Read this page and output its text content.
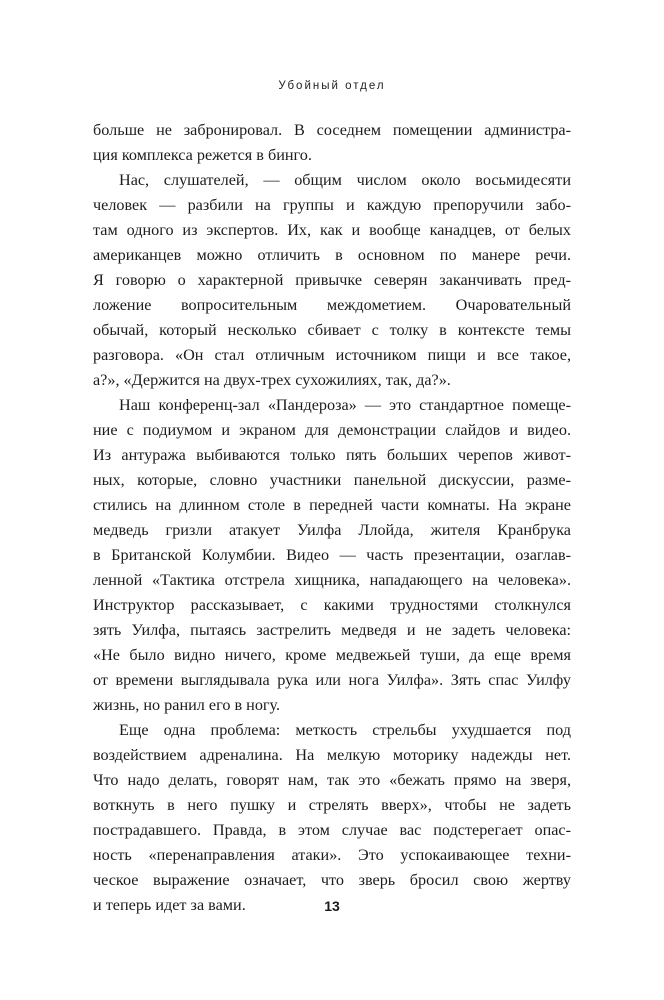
Убойный отдел
больше не забронировал. В соседнем помещении администра-
ция комплекса режется в бинго.
Нас, слушателей, — общим числом около восьмидесяти
человек — разбили на группы и каждую препоручили забо-
там одного из экспертов. Их, как и вообще канадцев, от белых
американцев можно отличить в основном по манере речи.
Я говорю о характерной привычке северян заканчивать пред-
ложение вопросительным междометием. Очаровательный
обычай, который несколько сбивает с толку в контексте темы
разговора. «Он стал отличным источником пищи и все такое,
а?», «Держится на двух-трех сухожилиях, так, да?».
Наш конференц-зал «Пандероза» — это стандартное помеще-
ние с подиумом и экраном для демонстрации слайдов и видео.
Из антуража выбиваются только пять больших черепов живот-
ных, которые, словно участники панельной дискуссии, разме-
стились на длинном столе в передней части комнаты. На экране
медведь гризли атакует Уилфа Ллойда, жителя Кранбрука
в Британской Колумбии. Видео — часть презентации, озаглав-
ленной «Тактика отстрела хищника, нападающего на человека».
Инструктор рассказывает, с какими трудностями столкнулся
зять Уилфа, пытаясь застрелить медведя и не задеть человека:
«Не было видно ничего, кроме медвежьей туши, да еще время
от времени выглядывала рука или нога Уилфа». Зять спас Уилфу
жизнь, но ранил его в ногу.
Еще одна проблема: меткость стрельбы ухудшается под
воздействием адреналина. На мелкую моторику надежды нет.
Что надо делать, говорят нам, так это «бежать прямо на зверя,
воткнуть в него пушку и стрелять вверх», чтобы не задеть
пострадавшего. Правда, в этом случае вас подстерегает опас-
ность «перенаправления атаки». Это успокаивающее техни-
ческое выражение означает, что зверь бросил свою жертву
и теперь идет за вами.	13
